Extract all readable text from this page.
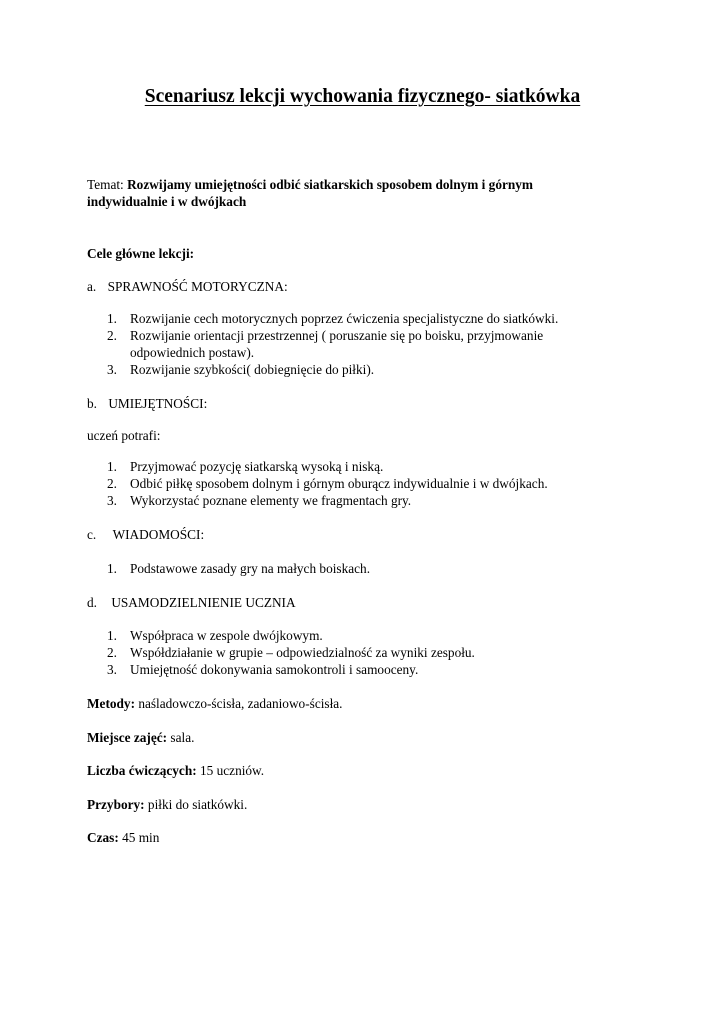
Scenariusz lekcji wychowania fizycznego- siatkówka
Temat: Rozwijamy umiejętności odbić siatkarskich sposobem dolnym i górnym
indywidualnie i w dwójkach
Cele główne lekcji:
a. SPRAWNOŚĆ MOTORYCZNA:
1. Rozwijanie cech motorycznych poprzez ćwiczenia specjalistyczne do siatkówki.
2. Rozwijanie orientacji przestrzennej ( poruszanie się po boisku, przyjmowanie
odpowiednich postaw).
3. Rozwijanie szybkości( dobiegnięcie do piłki).
b. UMIEJĘTNOŚCI:
uczeń potrafi:
1. Przyjmować pozycję siatkarską wysoką i niską.
2. Odbić piłkę sposobem dolnym i górnym oburącz indywidualnie i w dwójkach.
3. Wykorzystać poznane elementy we fragmentach gry.
c. WIADOMOŚCI:
1. Podstawowe zasady gry na małych boiskach.
d. USAMODZIELNIENIE UCZNIA
1. Współpraca w zespole dwójkowym.
2. Współdziałanie w grupie – odpowiedzialność za wyniki zespołu.
3. Umiejętność dokonywania samokontroli i samooceny.
Metody: naśladowczo-ścisła, zadaniowo-ścisła.
Miejsce zajęć: sala.
Liczba ćwiczących: 15 uczniów.
Przybory: piłki do siatkówki.
Czas: 45 min
